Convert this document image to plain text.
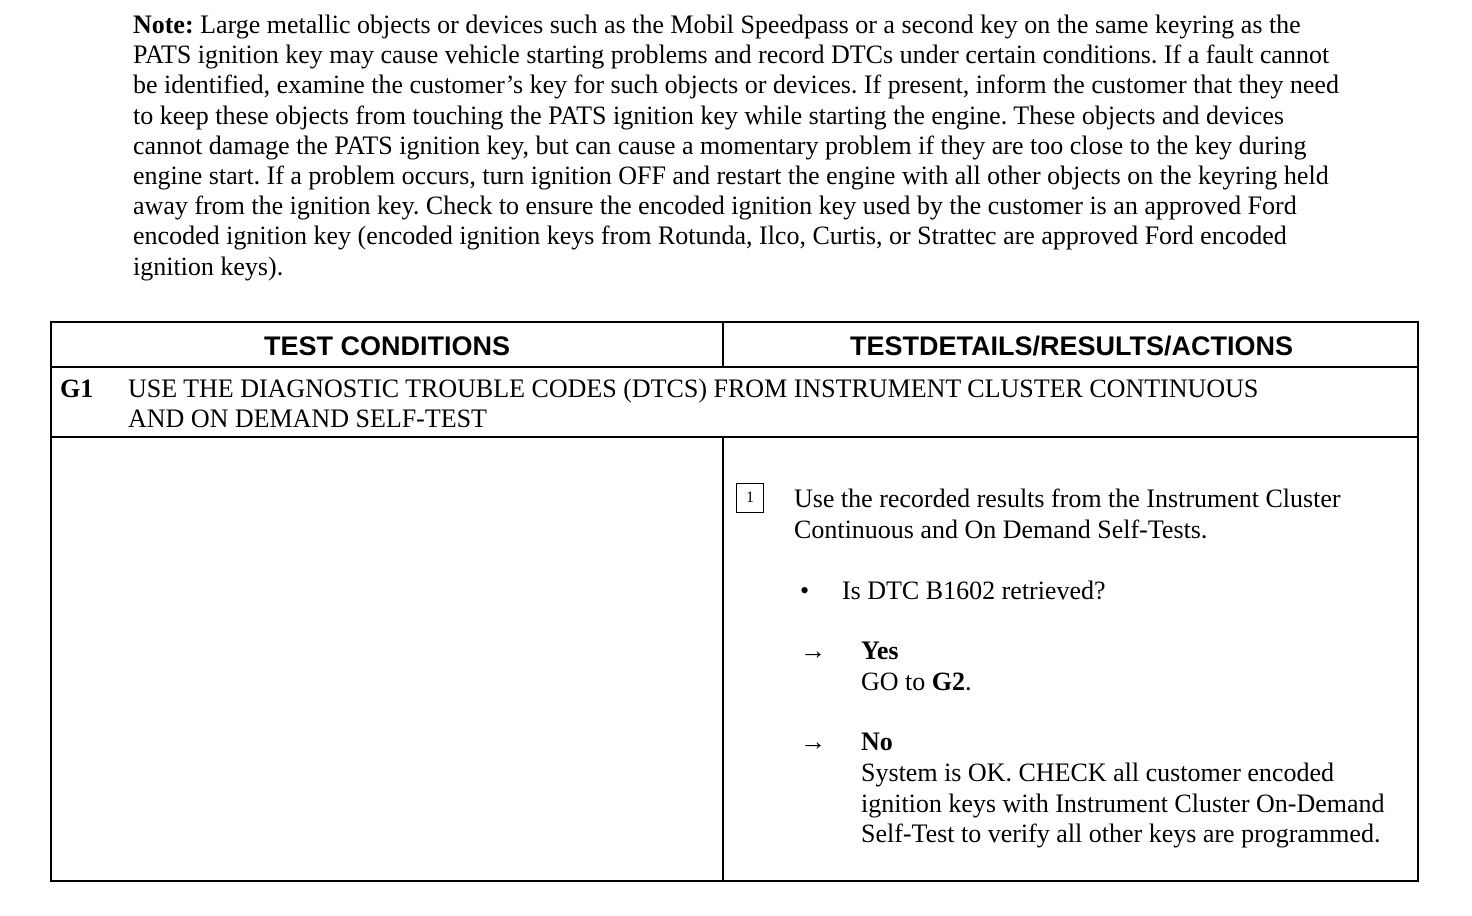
Note: Large metallic objects or devices such as the Mobil Speedpass or a second key on the same keyring as the PATS ignition key may cause vehicle starting problems and record DTCs under certain conditions. If a fault cannot be identified, examine the customer’s key for such objects or devices. If present, inform the customer that they need to keep these objects from touching the PATS ignition key while starting the engine. These objects and devices cannot damage the PATS ignition key, but can cause a momentary problem if they are too close to the key during engine start. If a problem occurs, turn ignition OFF and restart the engine with all other objects on the keyring held away from the ignition key. Check to ensure the encoded ignition key used by the customer is an approved Ford encoded ignition key (encoded ignition keys from Rotunda, Ilco, Curtis, or Strattec are approved Ford encoded ignition keys).
TEST CONDITIONS	TESTDETAILS/RESULTS/ACTIONS
G1 USE THE DIAGNOSTIC TROUBLE CODES (DTCS) FROM INSTRUMENT CLUSTER CONTINUOUS AND ON DEMAND SELF-TEST
1	Use the recorded results from the Instrument Cluster Continuous and On Demand Self-Tests.
• Is DTC B1602 retrieved?
→ Yes
GO to G2.
→ No
System is OK. CHECK all customer encoded ignition keys with Instrument Cluster On-Demand Self-Test to verify all other keys are programmed.
